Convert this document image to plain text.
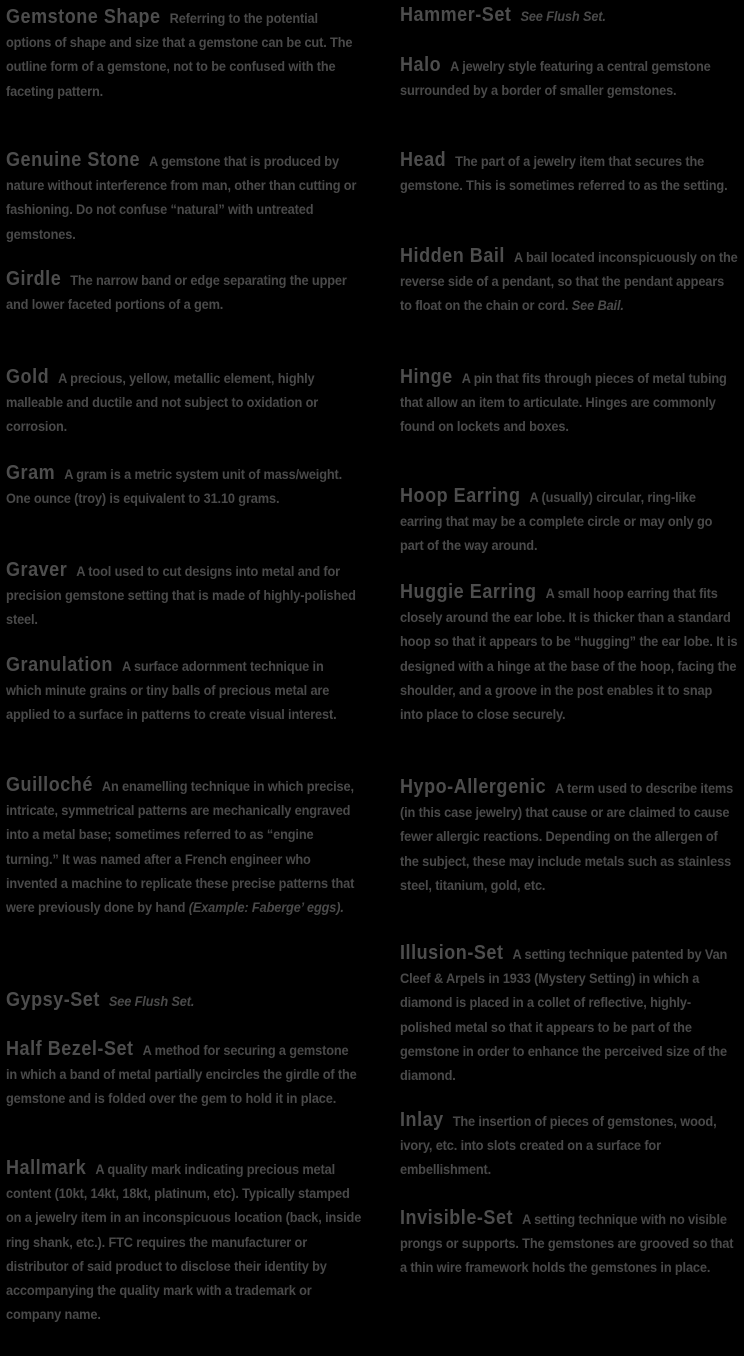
Gemstone Shape Referring to the potential options of shape and size that a gemstone can be cut. The outline form of a gemstone, not to be confused with the faceting pattern.

Genuine Stone A gemstone that is produced by nature without interference from man, other than cutting or fashioning. Do not confuse “natural” with untreated gemstones.

Girdle The narrow band or edge separating the upper and lower faceted portions of a gem.

Gold A precious, yellow, metallic element, highly malleable and ductile and not subject to oxidation or corrosion.

Gram A gram is a metric system unit of mass/weight. One ounce (troy) is equivalent to 31.10 grams.

Graver A tool used to cut designs into metal and for precision gemstone setting that is made of highly-polished steel.

Granulation A surface adornment technique in which minute grains or tiny balls of precious metal are applied to a surface in patterns to create visual interest.

Guilloché An enamelling technique in which precise, intricate, symmetrical patterns are mechanically engraved into a metal base; sometimes referred to as “engine turning.” It was named after a French engineer who invented a machine to replicate these precise patterns that were previously done by hand (Example: Faberge’ eggs).

Gypsy-Set See Flush Set.

Half Bezel-Set A method for securing a gemstone in which a band of metal partially encircles the girdle of the gemstone and is folded over the gem to hold it in place.

Hallmark A quality mark indicating precious metal content (10kt, 14kt, 18kt, platinum, etc). Typically stamped on a jewelry item in an inconspicuous location (back, inside ring shank, etc.). FTC requires the manufacturer or distributor of said product to disclose their identity by accompanying the quality mark with a trademark or company name.

Hammer-Set See Flush Set.

Halo A jewelry style featuring a central gemstone surrounded by a border of smaller gemstones.

Head The part of a jewelry item that secures the gemstone. This is sometimes referred to as the setting.

Hidden Bail A bail located inconspicuously on the reverse side of a pendant, so that the pendant appears to float on the chain or cord. See Bail.

Hinge A pin that fits through pieces of metal tubing that allow an item to articulate. Hinges are commonly found on lockets and boxes.

Hoop Earring A (usually) circular, ring-like earring that may be a complete circle or may only go part of the way around.

Huggie Earring A small hoop earring that fits closely around the ear lobe. It is thicker than a standard hoop so that it appears to be “hugging” the ear lobe. It is designed with a hinge at the base of the hoop, facing the shoulder, and a groove in the post enables it to snap into place to close securely.

Hypo-Allergenic A term used to describe items (in this case jewelry) that cause or are claimed to cause fewer allergic reactions. Depending on the allergen of the subject, these may include metals such as stainless steel, titanium, gold, etc.

Illusion-Set A setting technique patented by Van Cleef & Arpels in 1933 (Mystery Setting) in which a diamond is placed in a collet of reflective, highly-polished metal so that it appears to be part of the gemstone in order to enhance the perceived size of the diamond.

Inlay The insertion of pieces of gemstones, wood, ivory, etc. into slots created on a surface for embellishment.

Invisible-Set A setting technique with no visible prongs or supports. The gemstones are grooved so that a thin wire framework holds the gemstones in place.
